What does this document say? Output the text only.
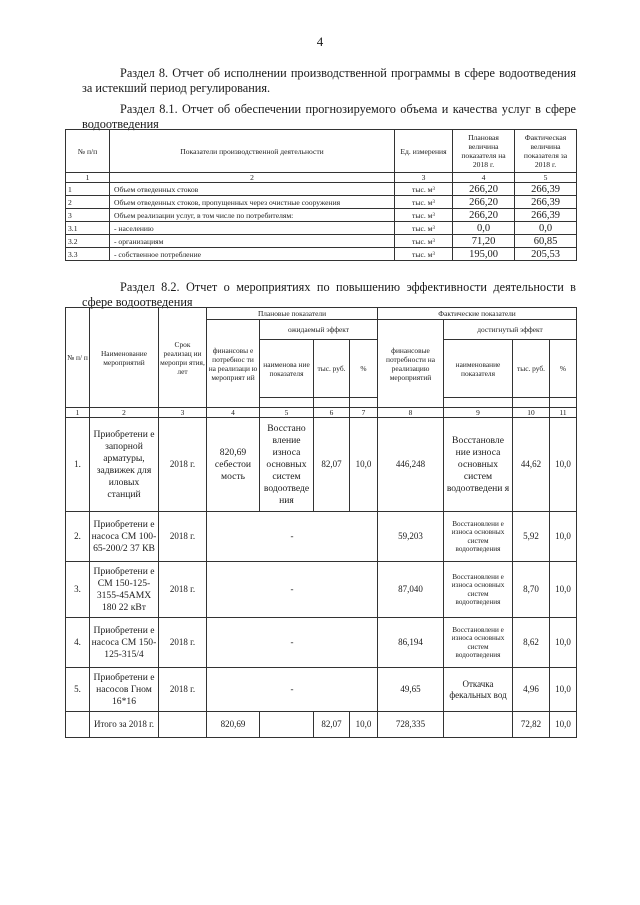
4
Раздел 8. Отчет об исполнении производственной программы в сфере водоотведения за истекший период регулирования.
Раздел 8.1. Отчет об обеспечении прогнозируемого объема и качества услуг в сфере водоотведения
№ п/п	Показатели производственной деятельности	Ед. измерения	Плановая величина показателя на 2018 г.	Фактическая величина показателя за 2018 г.
1	2	3	4	5
1	Объем отведенных стоков	тыс. $м^3$	266,20	266,39
2	Объем отведенных стоков, пропущенных через очистные сооружения	тыс. $м^3$	266,20	266,39
3	Объем реализации услуг, в том числе по потребителям:	тыс. $м^3$	266,20	266,39
3.1	- населению	тыс. $м^3$	0,0	0,0
3.2	- организациям	тыс. $м^3$	71,20	60,85
3.3	- собственное потребление	тыс. $м^3$	195,00	205,53
Раздел 8.2. Отчет о мероприятиях по повышению эффективности деятельности в сфере водоотведения
№ п/ п	Наименование мероприятий	Срок реализац ии меропри ятия, лет	Плановые показатели				Фактические показатели			
			финансовы е потребнос ти на реализаци ю мероприят ий	ожидаемый эффект			финансовые потребности на реализацию мероприятий	достигнутый эффект		
				наименова ние показателя	тыс. руб.	%		наименование показателя	тыс. руб.	%

1	2	3	4	5	6	7	8	9	10	11
1.	Приобретени е запорной арматуры, задвижек для иловых станций	2018 г.	820,69 себестои мость	Восстано вление износа основных систем водоотведе ния	82,07	10,0	446,248	Восстановле ние износа основных систем водоотведени я	44,62	10,0
2.	Приобретени е насоса СМ 100-65-200/2 37 КВ	2018 г.	-				59,203	Восстановлени е износа основных систем водоотведения	5,92	10,0
3.	Приобретени е СМ 150-125-3155-45АМХ 180 22 кВт	2018 г.	-				87,040	Восстановлени е износа основных систем водоотведения	8,70	10,0
4.	Приобретени е насоса СМ 150-125-315/4	2018 г.	-				86,194	Восстановлени е износа основных систем водоотведения	8,62	10,0
5.	Приобретени е насосов Гном 16*16	2018 г.	-				49,65	Откачка фекальных вод	4,96	10,0
	Итого за 2018 г.		820,69		82,07	10,0	728,335		72,82	10,0
